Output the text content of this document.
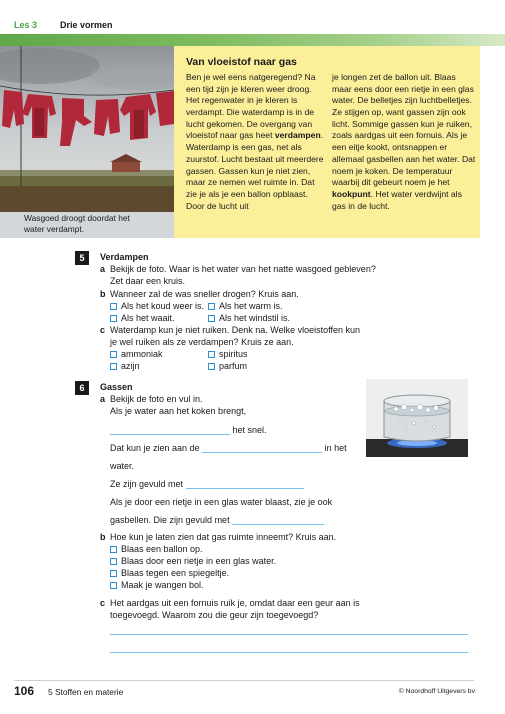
Les 3	Drie vormen
Wasgoed droogt doordat het water verdampt.
Van vloeistof naar gas
Ben je wel eens natgeregend? Na een tijd zijn je kleren weer droog. Het regenwater in je kleren is verdampt. Die waterdamp is in de lucht gekomen. De overgang van vloeistof naar gas heet verdampen. Waterdamp is een gas, net als zuurstof. Lucht bestaat uit meerdere gassen. Gassen kun je niet zien, maar ze nemen wel ruimte in. Dat zie je als je een ballon opblaast. Door de lucht uit
je longen zet de ballon uit. Blaas maar eens door een rietje in een glas water. De belletjes zijn luchtbelletjes. Ze stijgen op, want gassen zijn ook licht. Sommige gassen kun je ruiken, zoals aardgas uit een fornuis. Als je een eitje kookt, ontsnappen er allemaal gasbellen aan het water. Dat noem je koken. De temperatuur waarbij dit gebeurt noem je het kookpunt. Het water verdwijnt als gas in de lucht.
5	Verdampen
a Bekijk de foto. Waar is het water van het natte wasgoed gebleven?
Zet daar een kruis.
b Wanneer zal de was sneller drogen? Kruis aan.
Als het koud weer is.	Als het warm is.
Als het waait.	Als het windstil is.
c Waterdamp kun je niet ruiken. Denk na. Welke vloeistoffen kun
je wel ruiken als ze verdampen? Kruis ze aan.
ammoniak	spiritus
azijn	parfum
6	Gassen
a Bekijk de foto en vul in.
Als je water aan het koken brengt,
het snel.
Dat kun je zien aan de	in het
water.
Ze zijn gevuld met
Als je door een rietje in een glas water blaast, zie je ook
gasbellen. Die zijn gevuld met
b Hoe kun je laten zien dat gas ruimte inneemt? Kruis aan.
Blaas een ballon op.
Blaas door een rietje in een glas water.
Blaas tegen een spiegeltje.
Maak je wangen bol.
c Het aardgas uit een fornuis ruik je, omdat daar een geur aan is
toegevoegd. Waarom zou die geur zijn toegevoegd?
106 5 Stoffen en materie	© Noordhoff Uitgevers bv
